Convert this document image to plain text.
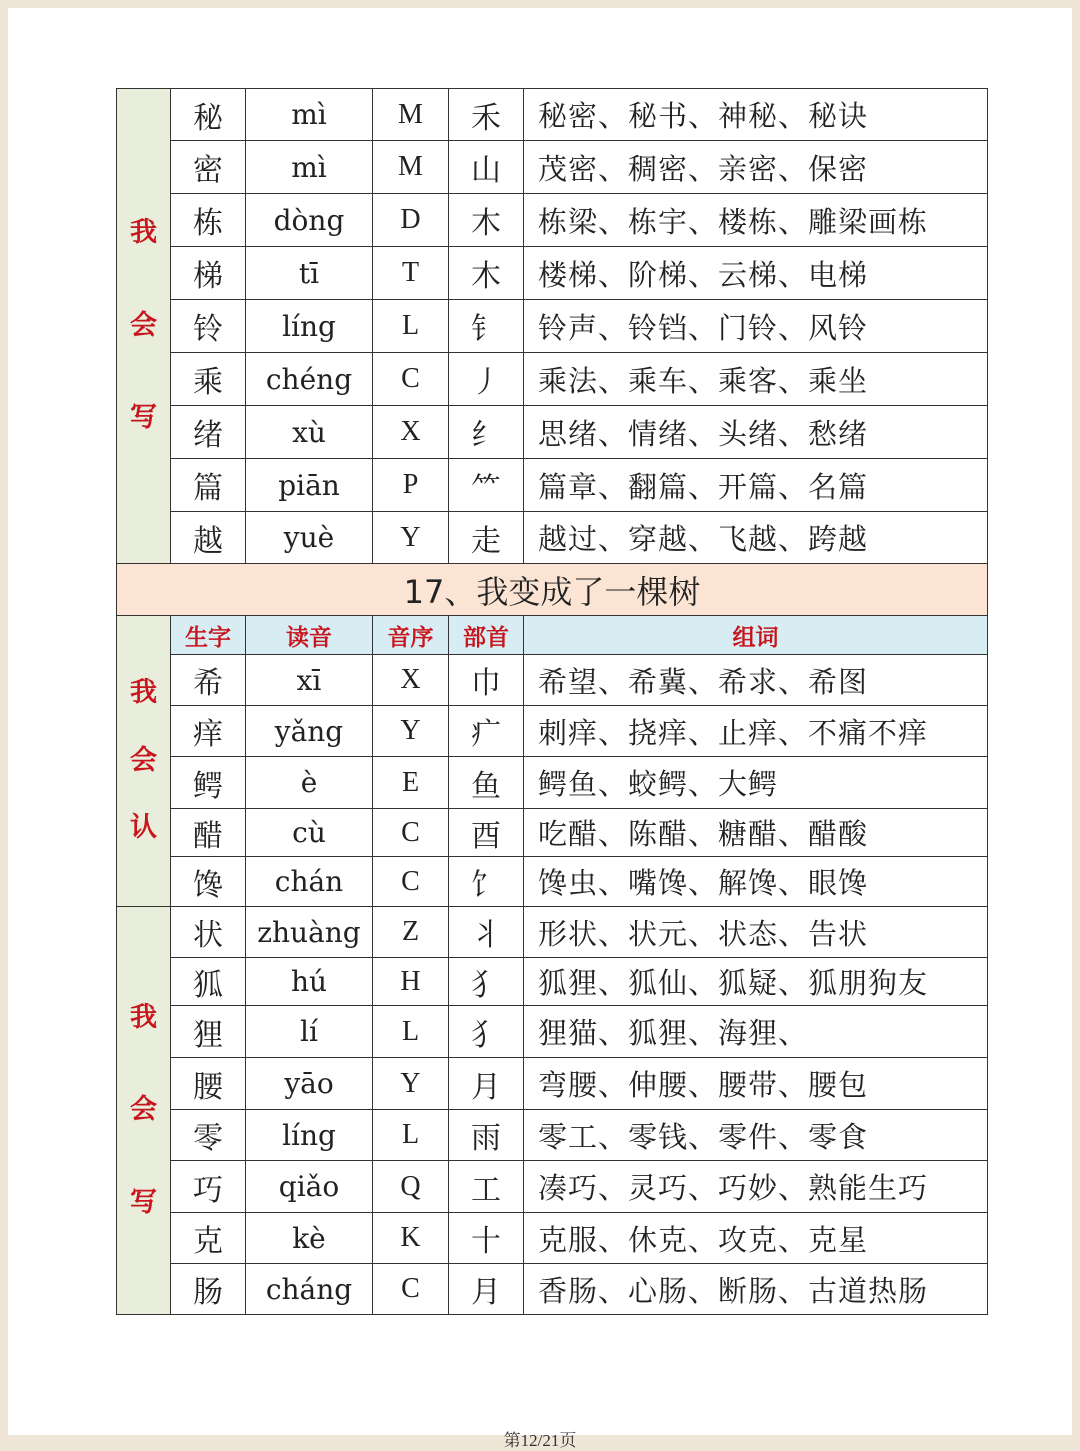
我
会
写	秘	mì	M	禾	秘密、秘书、神秘、秘诀
	密	mì	M	山	茂密、稠密、亲密、保密
	栋	dòng	D	木	栋梁、栋宇、楼栋、雕梁画栋
	梯	tī	T	木	楼梯、阶梯、云梯、电梯
	铃	líng	L	钅	铃声、铃铛、门铃、风铃
	乘	chéng	C	丿	乘法、乘车、乘客、乘坐
	绪	xù	X	纟	思绪、情绪、头绪、愁绪
	篇	piān	P	⺮	篇章、翻篇、开篇、名篇
	越	yuè	Y	走	越过、穿越、飞越、跨越
17、我变成了一棵树					

我
会
认	生字	读音	音序	部首	组词
	希	xī	X	巾	希望、希冀、希求、希图
	痒	yǎng	Y	疒	刺痒、挠痒、止痒、不痛不痒
	鳄	è	E	鱼	鳄鱼、蛟鳄、大鳄
	醋	cù	C	酉	吃醋、陈醋、糖醋、醋酸
	馋	chán	C	饣	馋虫、嘴馋、解馋、眼馋

我
会
写	状	zhuàng	Z	丬	形状、状元、状态、告状
	狐	hú	H	犭	狐狸、狐仙、狐疑、狐朋狗友
	狸	lí	L	犭	狸猫、狐狸、海狸、
	腰	yāo	Y	月	弯腰、伸腰、腰带、腰包
	零	líng	L	雨	零工、零钱、零件、零食
	巧	qiǎo	Q	工	凑巧、灵巧、巧妙、熟能生巧
	克	kè	K	十	克服、休克、攻克、克星
	肠	cháng	C	月	香肠、心肠、断肠、古道热肠
第12/21页
